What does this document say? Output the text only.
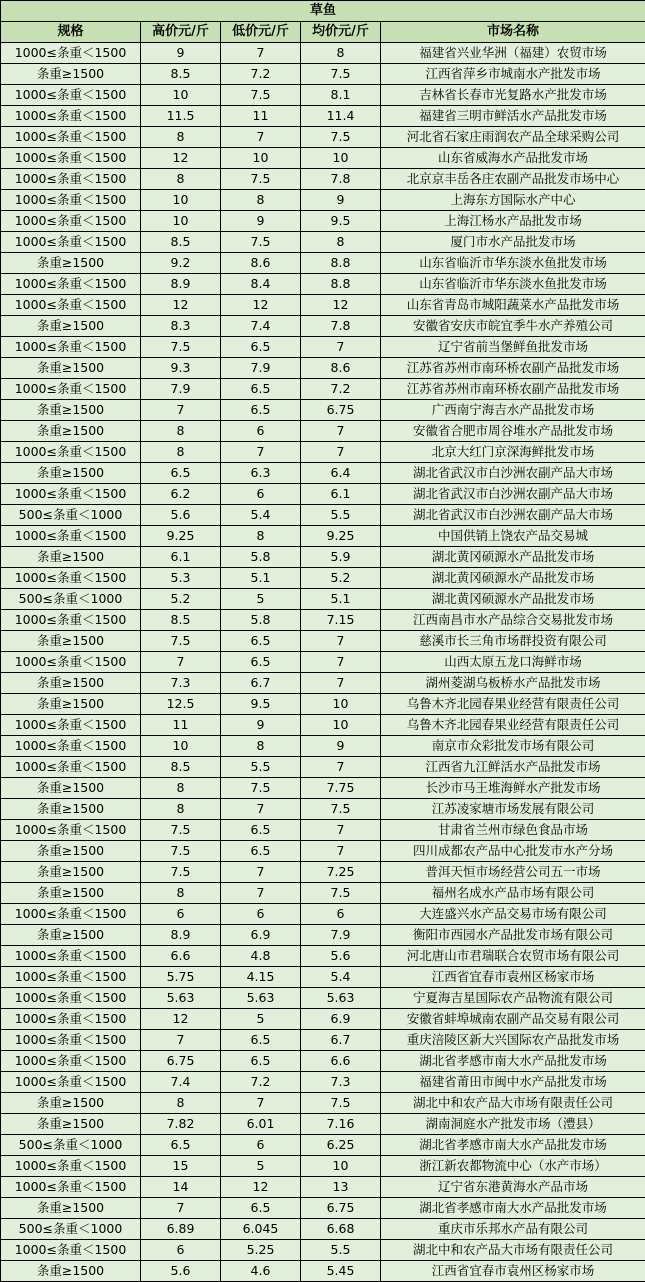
草鱼				
规格	高价元/斤	低价元/斤	均价元/斤	市场名称
1000≤条重＜1500	9	7	8	福建省兴业华洲（福建）农贸市场
条重≥1500	8.5	7.2	7.5	江西省萍乡市城南水产批发市场
1000≤条重＜1500	10	7.5	8.1	吉林省长春市光复路水产批发市场
1000≤条重＜1500	11.5	11	11.4	福建省三明市鲜活水产品批发市场
1000≤条重＜1500	8	7	7.5	河北省石家庄雨润农产品全球采购公司
1000≤条重＜1500	12	10	10	山东省威海水产品批发市场
1000≤条重＜1500	8	7.5	7.8	北京京丰岳各庄农副产品批发市场中心
1000≤条重＜1500	10	8	9	上海东方国际水产中心
1000≤条重＜1500	10	9	9.5	上海江杨水产品批发市场
1000≤条重＜1500	8.5	7.5	8	厦门市水产品批发市场
条重≥1500	9.2	8.6	8.8	山东省临沂市华东淡水鱼批发市场
1000≤条重＜1500	8.9	8.4	8.8	山东省临沂市华东淡水鱼批发市场
1000≤条重＜1500	12	12	12	山东省青岛市城阳蔬菜水产品批发市场
条重≥1500	8.3	7.4	7.8	安徽省安庆市皖宜季牛水产养殖公司
1000≤条重＜1500	7.5	6.5	7	辽宁省前当堡鲜鱼批发市场
条重≥1500	9.3	7.9	8.6	江苏省苏州市南环桥农副产品批发市场
1000≤条重＜1500	7.9	6.5	7.2	江苏省苏州市南环桥农副产品批发市场
条重≥1500	7	6.5	6.75	广西南宁海吉水产品批发市场
条重≥1500	8	6	7	安徽省合肥市周谷堆水产品批发市场
1000≤条重＜1500	8	7	7	北京大红门京深海鲜批发市场
条重≥1500	6.5	6.3	6.4	湖北省武汉市白沙洲农副产品大市场
1000≤条重＜1500	6.2	6	6.1	湖北省武汉市白沙洲农副产品大市场
500≤条重＜1000	5.6	5.4	5.5	湖北省武汉市白沙洲农副产品大市场
1000≤条重＜1500	9.25	8	9.25	中国供销上饶农产品交易城
条重≥1500	6.1	5.8	5.9	湖北黄冈硕源水产品批发市场
1000≤条重＜1500	5.3	5.1	5.2	湖北黄冈硕源水产品批发市场
500≤条重＜1000	5.2	5	5.1	湖北黄冈硕源水产品批发市场
1000≤条重＜1500	8.5	5.8	7.15	江西南昌市水产品综合交易批发市场
条重≥1500	7.5	6.5	7	慈溪市长三角市场群投资有限公司
1000≤条重＜1500	7	6.5	7	山西太原五龙口海鲜市场
条重≥1500	7.3	6.7	7	湖州菱湖乌板桥水产品批发市场
条重≥1500	12.5	9.5	10	乌鲁木齐北园春果业经营有限责任公司
1000≤条重＜1500	11	9	10	乌鲁木齐北园春果业经营有限责任公司
1000≤条重＜1500	10	8	9	南京市众彩批发市场有限公司
1000≤条重＜1500	8.5	5.5	7	江西省九江鲜活水产品批发市场
条重≥1500	8	7.5	7.75	长沙市马王堆海鲜水产批发市场
条重≥1500	8	7	7.5	江苏凌家塘市场发展有限公司
1000≤条重＜1500	7.5	6.5	7	甘肃省兰州市绿色食品市场
条重≥1500	7.5	6.5	7	四川成都农产品中心批发市水产分场
条重≥1500	7.5	7	7.25	普洱天恒市场经营公司五一市场
条重≥1500	8	7	7.5	福州名成水产品市场有限公司
1000≤条重＜1500	6	6	6	大连盛兴水产品交易市场有限公司
条重≥1500	8.9	6.9	7.9	衡阳市西园水产品批发市场有限公司
1000≤条重＜1500	6.6	4.8	5.6	河北唐山市君瑞联合农贸市场有限公司
1000≤条重＜1500	5.75	4.15	5.4	江西省宜春市袁州区杨家市场
1000≤条重＜1500	5.63	5.63	5.63	宁夏海吉星国际农产品物流有限公司
1000≤条重＜1500	12	5	6.9	安徽省蚌埠城南农副产品交易有限公司
1000≤条重＜1500	7	6.5	6.7	重庆涪陵区新大兴国际农产品批发市场
1000≤条重＜1500	6.75	6.5	6.6	湖北省孝感市南大水产品批发市场
1000≤条重＜1500	7.4	7.2	7.3	福建省莆田市闽中水产品批发市场
条重≥1500	8	7	7.5	湖北中和农产品大市场有限责任公司
条重≥1500	7.82	6.01	7.16	湖南洞庭水产批发市场（澧县）
500≤条重＜1000	6.5	6	6.25	湖北省孝感市南大水产品批发市场
1000≤条重＜1500	15	5	10	浙江新农都物流中心（水产市场）
1000≤条重＜1500	14	12	13	辽宁省东港黄海水产品市场
条重≥1500	7	6.5	6.75	湖北省孝感市南大水产品批发市场
500≤条重＜1000	6.89	6.045	6.68	重庆市乐邦水产品有限公司
1000≤条重＜1500	6	5.25	5.5	湖北中和农产品大市场有限责任公司
条重≥1500	5.6	4.6	5.45	江西省宜春市袁州区杨家市场
